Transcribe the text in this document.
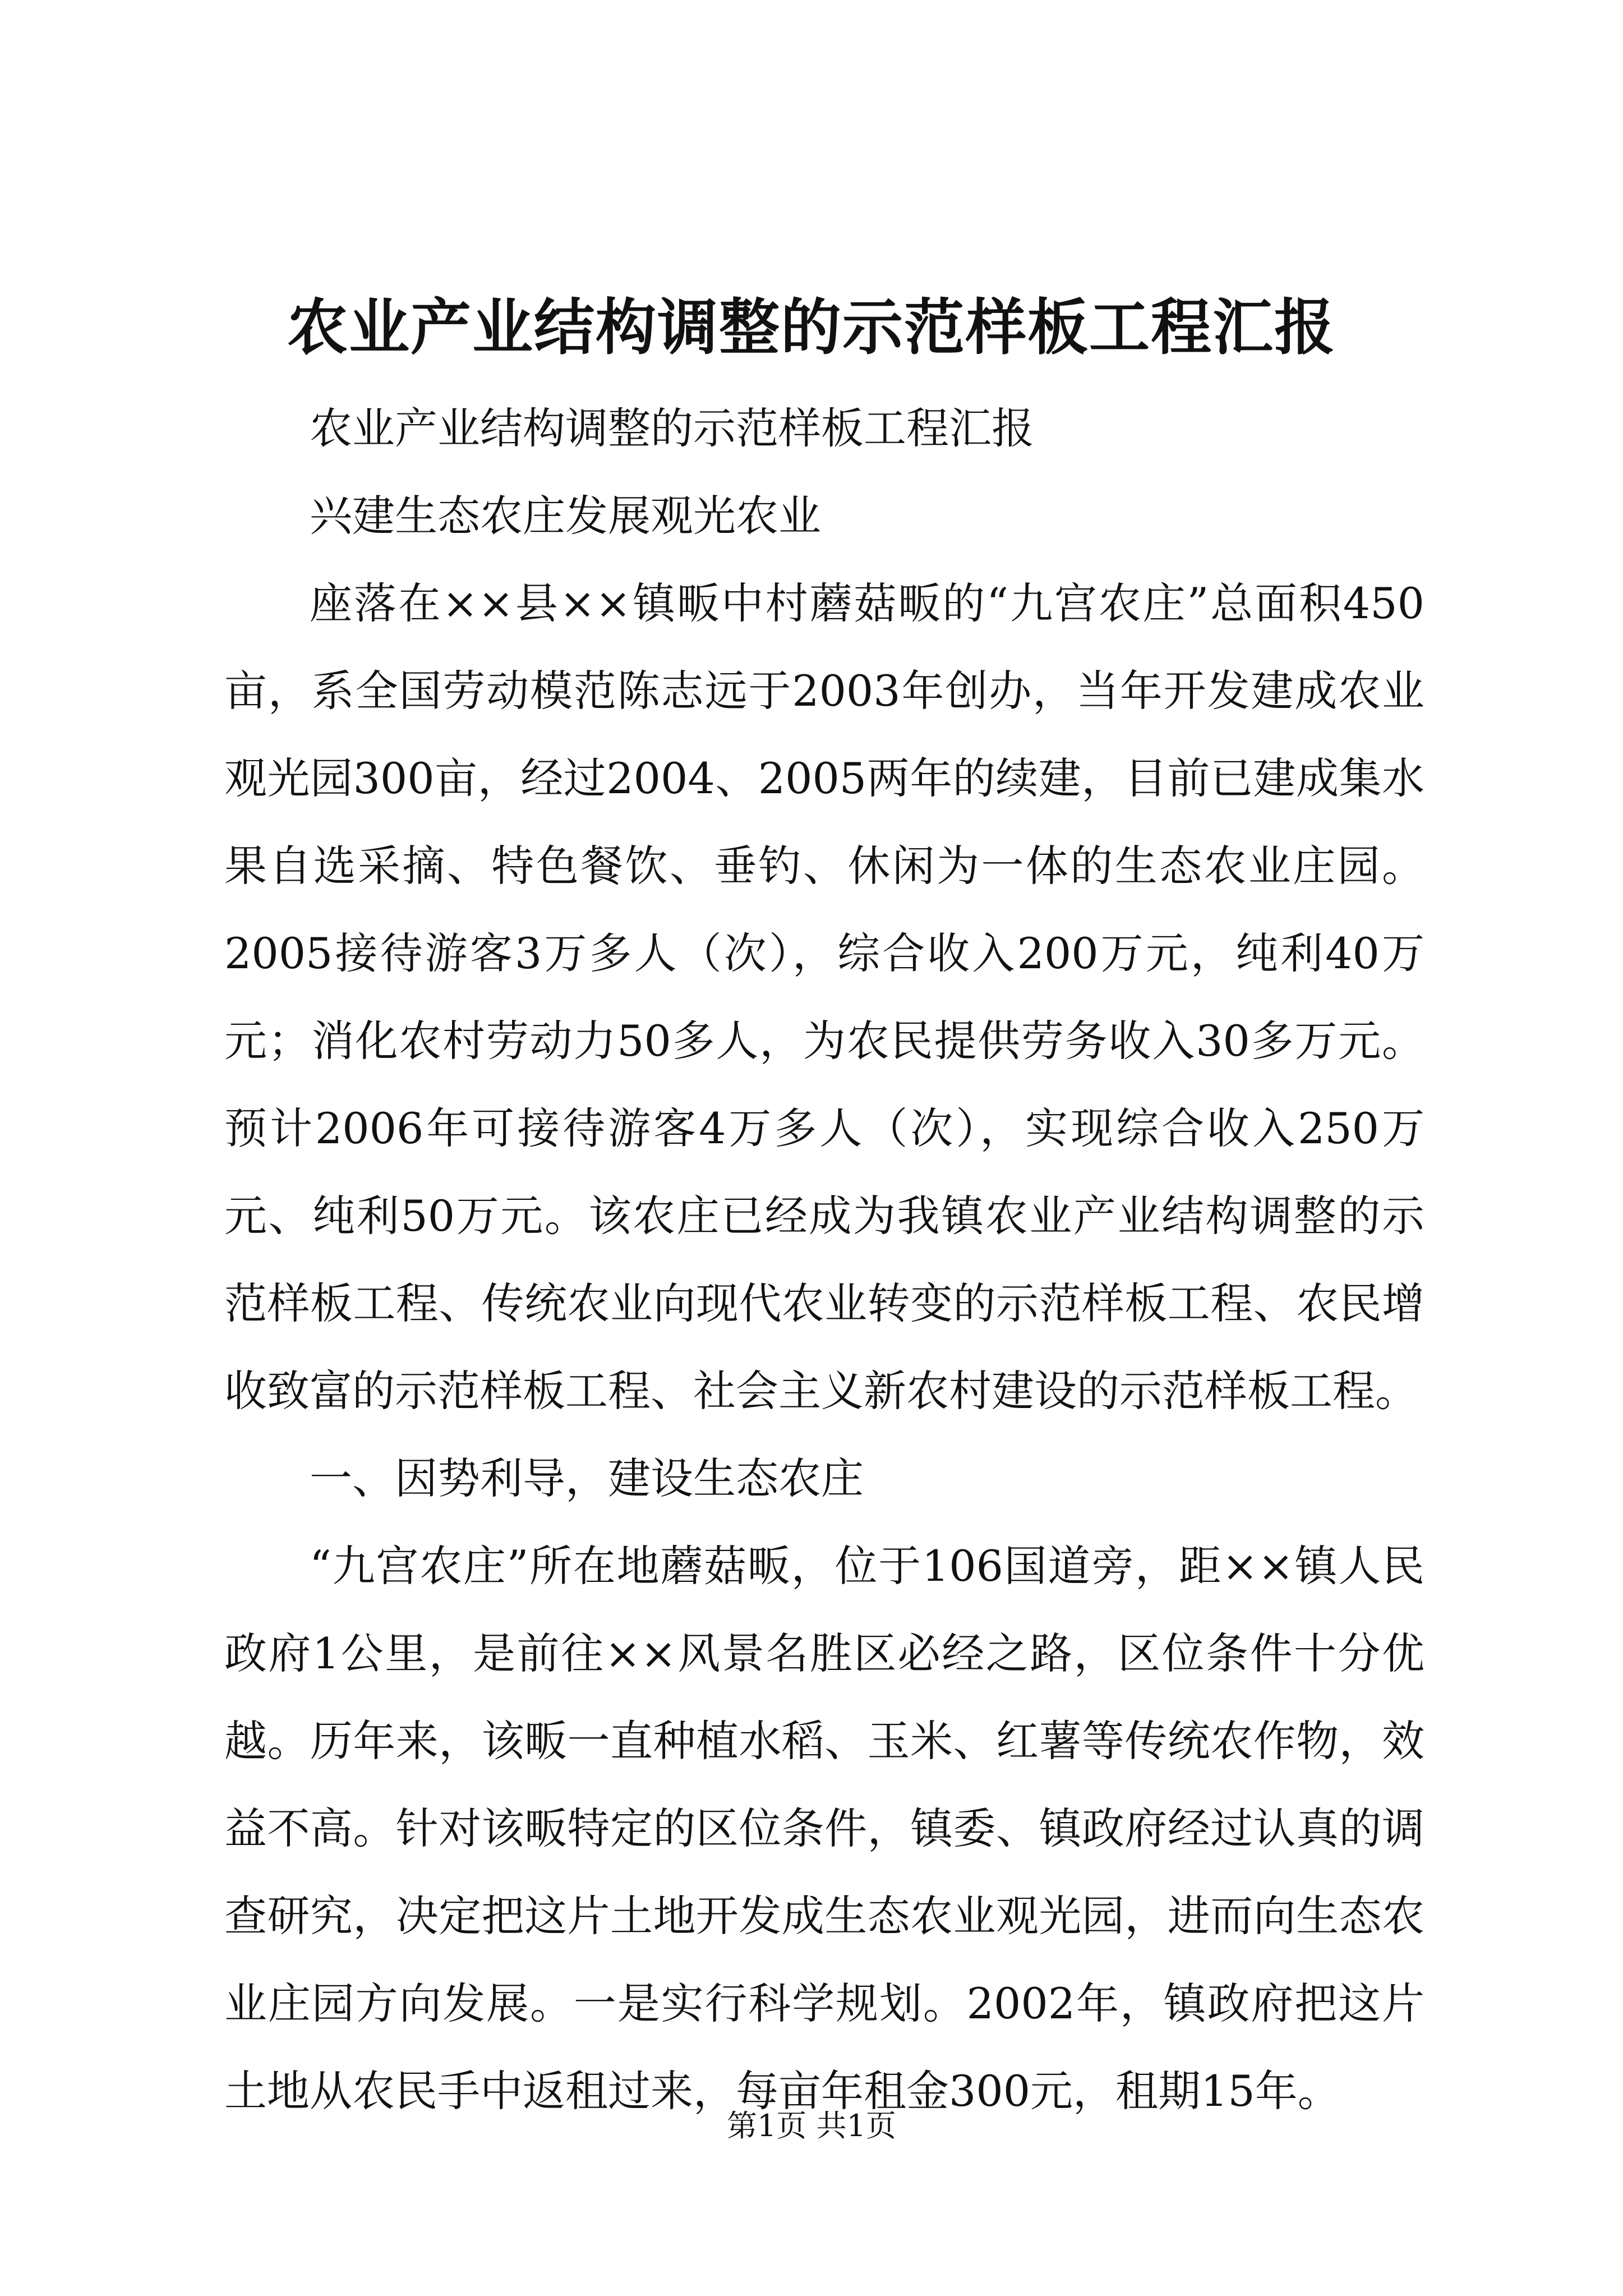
农业产业结构调整的示范样板工程汇报

农业产业结构调整的示范样板工程汇报

兴建生态农庄发展观光农业

座落在××县××镇畈中村蘑菇畈的“九宫农庄”总面积450亩，系全国劳动模范陈志远于2003年创办，当年开发建成农业观光园300亩，经过2004、2005两年的续建，目前已建成集水果自选采摘、特色餐饮、垂钓、休闲为一体的生态农业庄园。2005接待游客3万多人（次），综合收入200万元，纯利40万元；消化农村劳动力50多人，为农民提供劳务收入30多万元。预计2006年可接待游客4万多人（次），实现综合收入250万元、纯利50万元。该农庄已经成为我镇农业产业结构调整的示范样板工程、传统农业向现代农业转变的示范样板工程、农民增收致富的示范样板工程、社会主义新农村建设的示范样板工程。

一、因势利导，建设生态农庄

“九宫农庄”所在地蘑菇畈，位于106国道旁，距××镇人民政府1公里，是前往××风景名胜区必经之路，区位条件十分优越。历年来，该畈一直种植水稻、玉米、红薯等传统农作物，效益不高。针对该畈特定的区位条件，镇委、镇政府经过认真的调查研究，决定把这片土地开发成生态农业观光园，进而向生态农业庄园方向发展。一是实行科学规划。2002年，镇政府把这片土地从农民手中返租过来，每亩年租金300元，租期15年。

第1页 共1页
